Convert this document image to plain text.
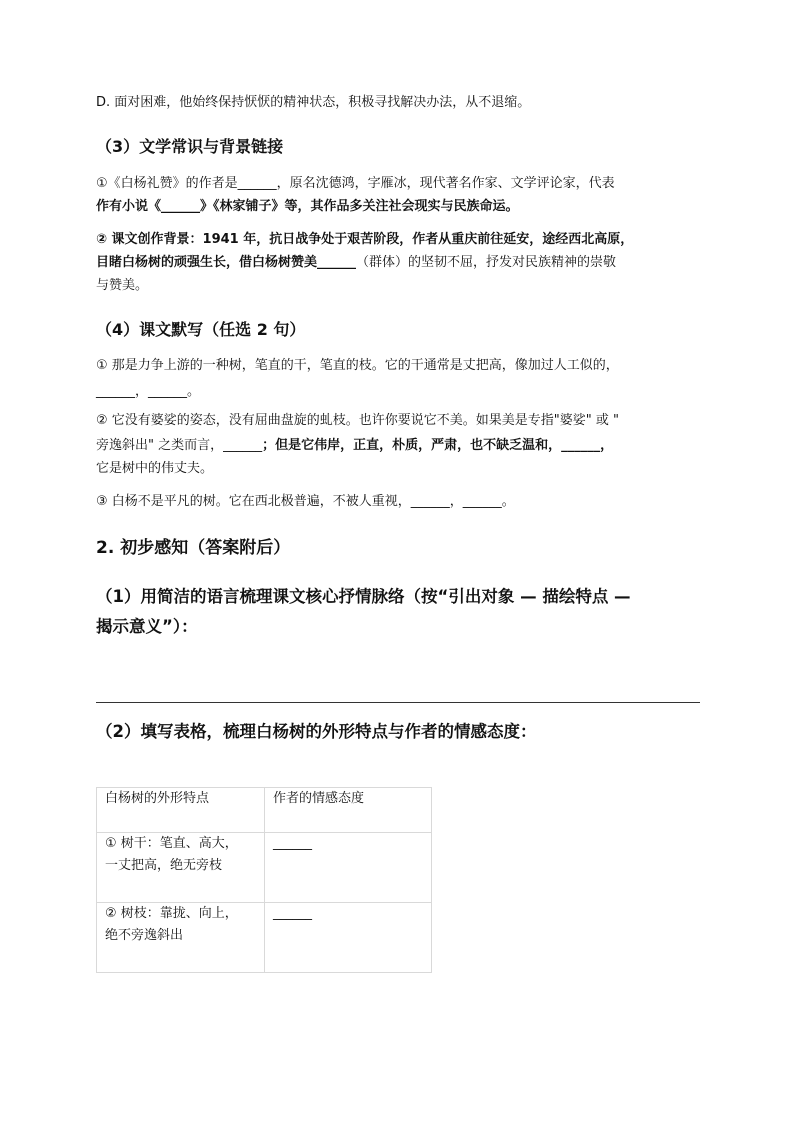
D. 面对困难，他始终保持恹恹的精神状态，积极寻找解决办法，从不退缩。
（3）文学常识与背景链接
①《白杨礼赞》的作者是______，原名沈德鸿，字雁冰，现代著名作家、文学评论家，代表
作有小说《______》《林家铺子》等，其作品多关注社会现实与民族命运。
② 课文创作背景：1941 年，抗日战争处于艰苦阶段，作者从重庆前往延安，途经西北高原，
目睹白杨树的顽强生长，借白杨树赞美______（群体）的坚韧不屈，抒发对民族精神的崇敬
与赞美。
（4）课文默写（任选 2 句）
① 那是力争上游的一种树，笔直的干，笔直的枝。它的干通常是丈把高，像加过人工似的，
______，______。
② 它没有婆娑的姿态，没有屈曲盘旋的虬枝。也许你要说它不美。如果美是专指"婆娑" 或 "
旁逸斜出" 之类而言，______；但是它伟岸，正直，朴质，严肃，也不缺乏温和，______，
它是树中的伟丈夫。
③ 白杨不是平凡的树。它在西北极普遍，不被人重视，______，______。
2. 初步感知（答案附后）
（1）用简洁的语言梳理课文核心抒情脉络（按“引出对象 — 描绘特点 —
揭示意义”）：
（2）填写表格，梳理白杨树的外形特点与作者的情感态度：
白杨树的外形特点	作者的情感态度

① 树干：笔直、高大，
一丈把高，绝无旁枝	______

② 树枝：靠拢、向上，
绝不旁逸斜出	______
